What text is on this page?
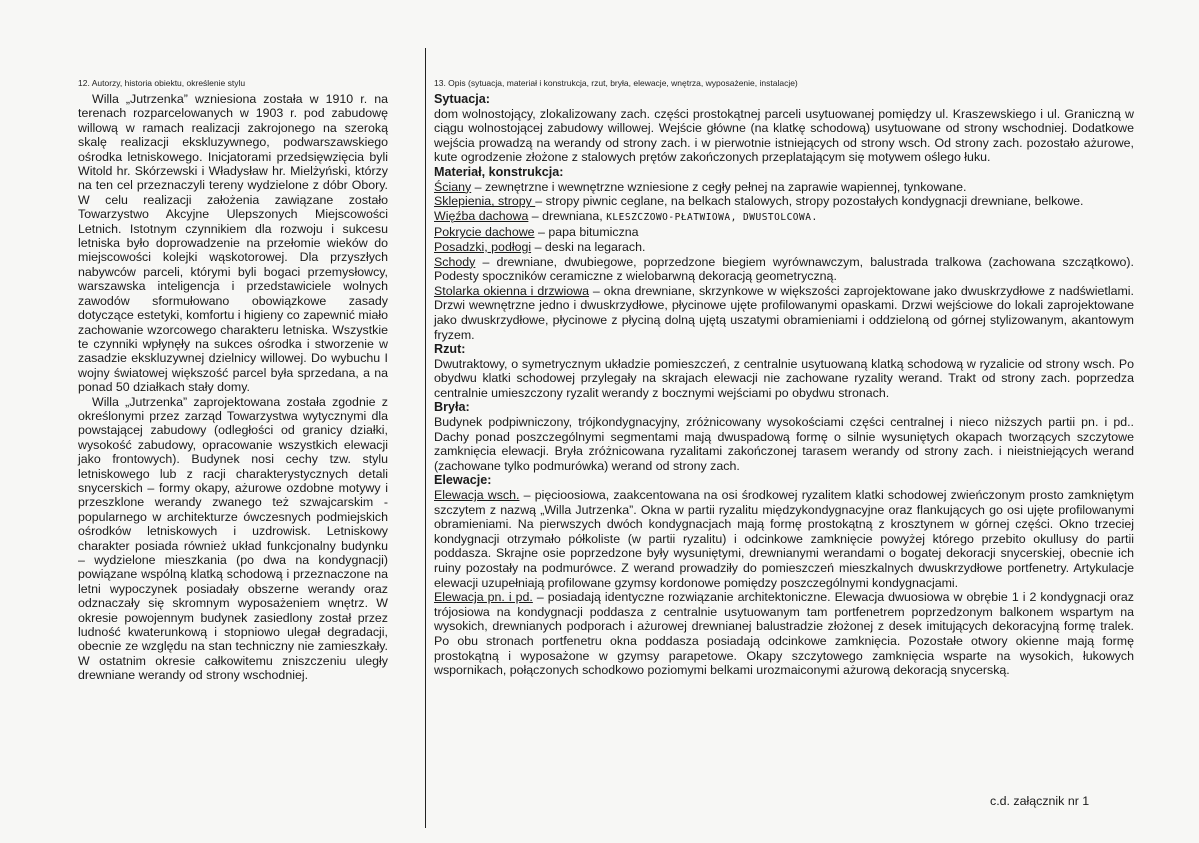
12. Autorzy, historia obiektu, określenie stylu

Willa „Jutrzenka” wzniesiona została w 1910 r. na terenach rozparcelowanych w 1903 r. pod zabudowę willową w ramach realizacji zakrojonego na szeroką skalę realizacji ekskluzywnego, podwarszawskiego ośrodka letniskowego. Inicjatorami przedsięwzięcia byli Witold hr. Skórzewski i Władysław hr. Mielżyński, którzy na ten cel przeznaczyli tereny wydzielone z dóbr Obory. W celu realizacji założenia zawiązane zostało Towarzystwo Akcyjne Ulepszonych Miejscowości Letnich. Istotnym czynnikiem dla rozwoju i sukcesu letniska było doprowadzenie na przełomie wieków do miejscowości kolejki wąskotorowej. Dla przyszłych nabywców parceli, którymi byli bogaci przemysłowcy, warszawska inteligencja i przedstawiciele wolnych zawodów sformułowano obowiązkowe zasady dotyczące estetyki, komfortu i higieny co zapewnić miało zachowanie wzorcowego charakteru letniska. Wszystkie te czynniki wpłynęły na sukces ośrodka i stworzenie w zasadzie ekskluzywnej dzielnicy willowej. Do wybuchu I wojny światowej większość parcel była sprzedana, a na ponad 50 działkach stały domy.

Willa „Jutrzenka” zaprojektowana została zgodnie z określonymi przez zarząd Towarzystwa wytycznymi dla powstającej zabudowy (odległości od granicy działki, wysokość zabudowy, opracowanie wszystkich elewacji jako frontowych). Budynek nosi cechy tzw. stylu letniskowego lub z racji charakterystycznych detali snycerskich – formy okapy, ażurowe ozdobne motywy i przeszklone werandy zwanego też szwajcarskim - popularnego w architekturze ówczesnych podmiejskich ośrodków letniskowych i uzdrowisk. Letniskowy charakter posiada również układ funkcjonalny budynku – wydzielone mieszkania (po dwa na kondygnacji) powiązane wspólną klatką schodową i przeznaczone na letni wypoczynek posiadały obszerne werandy oraz odznaczały się skromnym wyposażeniem wnętrz. W okresie powojennym budynek zasiedlony został przez ludność kwaterunkową i stopniowo ulegał degradacji, obecnie ze względu na stan techniczny nie zamieszkały. W ostatnim okresie całkowitemu zniszczeniu uległy drewniane werandy od strony wschodniej.

13. Opis (sytuacja, materiał i konstrukcja, rzut, bryła, elewacje, wnętrza, wyposażenie, instalacje)
Sytuacja:

dom wolnostojący, zlokalizowany zach. części prostokątnej parceli usytuowanej pomiędzy ul. Kraszewskiego i ul. Graniczną w ciągu wolnostojącej zabudowy willowej. Wejście główne (na klatkę schodową) usytuowane od strony wschodniej. Dodatkowe wejścia prowadzą na werandy od strony zach. i w pierwotnie istniejących od strony wsch. Od strony zach. pozostało ażurowe, kute ogrodzenie złożone z stalowych prętów zakończonych przeplatającym się motywem oślego łuku.

Materiał, konstrukcja:

Ściany – zewnętrzne i wewnętrzne wzniesione z cegły pełnej na zaprawie wapiennej, tynkowane.

Sklepienia, stropy – stropy piwnic ceglane, na belkach stalowych, stropy pozostałych kondygnacji drewniane, belkowe.

Więźba dachowa – drewniana, KLESZCZOWO-PŁATWIOWA, DWUSTOLCOWA.

Pokrycie dachowe – papa bitumiczna

Posadzki, podłogi – deski na legarach.

Schody – drewniane, dwubiegowe, poprzedzone biegiem wyrównawczym, balustrada tralkowa (zachowana szczątkowo). Podesty spoczników ceramiczne z wielobarwną dekoracją geometryczną.

Stolarka okienna i drzwiowa – okna drewniane, skrzynkowe w większości zaprojektowane jako dwuskrzydłowe z nadświetlami. Drzwi wewnętrzne jedno i dwuskrzydłowe, płycinowe ujęte profilowanymi opaskami. Drzwi wejściowe do lokali zaprojektowane jako dwuskrzydłowe, płycinowe z płyciną dolną ujętą uszatymi obramieniami i oddzieloną od górnej stylizowanym, akantowym fryzem.

Rzut:

Dwutraktowy, o symetrycznym układzie pomieszczeń, z centralnie usytuowaną klatką schodową w ryzalicie od strony wsch. Po obydwu klatki schodowej przylegały na skrajach elewacji nie zachowane ryzality werand. Trakt od strony zach. poprzedza centralnie umieszczony ryzalit werandy z bocznymi wejściami po obydwu stronach.

Bryła:

Budynek podpiwniczony, trójkondygnacyjny, zróżnicowany wysokościami części centralnej i nieco niższych partii pn. i pd.. Dachy ponad poszczególnymi segmentami mają dwuspadową formę o silnie wysuniętych okapach tworzących szczytowe zamknięcia elewacji. Bryła zróżnicowana ryzalitami zakończonej tarasem werandy od strony zach. i nieistniejących werand (zachowane tylko podmurówka) werand od strony zach.

Elewacje:

Elewacja wsch. – pięcioosiowa, zaakcentowana na osi środkowej ryzalitem klatki schodowej zwieńczonym prosto zamkniętym szczytem z nazwą „Willa Jutrzenka”. Okna w partii ryzalitu międzykondygnacyjne oraz flankujących go osi ujęte profilowanymi obramieniami. Na pierwszych dwóch kondygnacjach mają formę prostokątną z krosztynem w górnej części. Okno trzeciej kondygnacji otrzymało półkoliste (w partii ryzalitu) i odcinkowe zamknięcie powyżej którego przebito okullusy do partii poddasza. Skrajne osie poprzedzone były wysuniętymi, drewnianymi werandami o bogatej dekoracji snycerskiej, obecnie ich ruiny pozostały na podmurówce. Z werand prowadziły do pomieszczeń mieszkalnych dwuskrzydłowe portfenetry. Artykulacje elewacji uzupełniają profilowane gzymsy kordonowe pomiędzy poszczególnymi kondygnacjami.

Elewacja pn. i pd. – posiadają identyczne rozwiązanie architektoniczne. Elewacja dwuosiowa w obrębie 1 i 2 kondygnacji oraz trójosiowa na kondygnacji poddasza z centralnie usytuowanym tam portfenetrem poprzedzonym balkonem wspartym na wysokich, drewnianych podporach i ażurowej drewnianej balustradzie złożonej z desek imitujących dekoracyjną formę tralek. Po obu stronach portfenetru okna poddasza posiadają odcinkowe zamknięcia. Pozostałe otwory okienne mają formę prostokątną i wyposażone w gzymsy parapetowe. Okapy szczytowego zamknięcia wsparte na wysokich, łukowych wspornikach, połączonych schodkowo poziomymi belkami urozmaiconymi ażurową dekoracją snycerską.

c.d. załącznik nr 1
